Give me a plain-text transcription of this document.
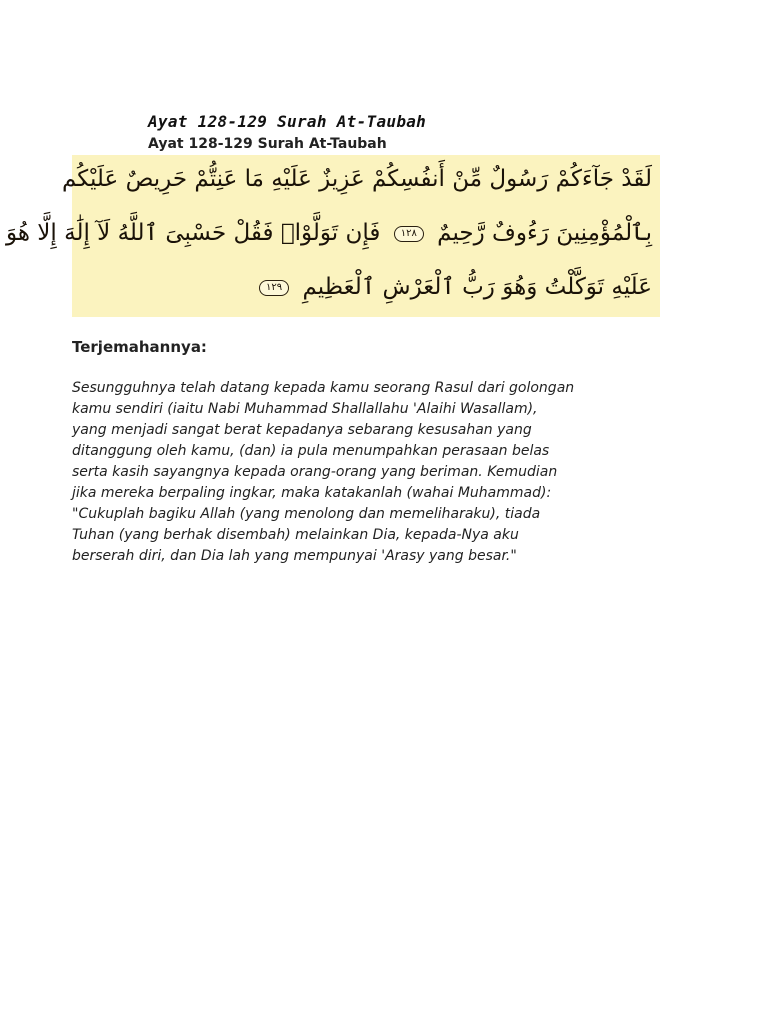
Ayat 128-129 Surah At-Taubah
Ayat 128-129 Surah At-Taubah
لَقَدْ جَآءَكُمْ رَسُولٌ مِّنْ أَنفُسِكُمْ عَزِيزٌ عَلَيْهِ مَا عَنِتُّمْ حَرِيصٌ عَلَيْكُم
بِٱلْمُؤْمِنِينَ رَءُوفٌ رَّحِيمٌ ١٢٨ فَإِن تَوَلَّوْا۟ فَقُلْ حَسْبِىَ ٱللَّهُ لَآ إِلَٰهَ إِلَّا هُوَ
عَلَيْهِ تَوَكَّلْتُ وَهُوَ رَبُّ ٱلْعَرْشِ ٱلْعَظِيمِ ١٢٩
Terjemahannya:

Sesungguhnya telah datang kepada kamu seorang Rasul dari golongan
kamu sendiri (iaitu Nabi Muhammad Shallallahu 'Alaihi Wasallam),
yang menjadi sangat berat kepadanya sebarang kesusahan yang
ditanggung oleh kamu, (dan) ia pula menumpahkan perasaan belas
serta kasih sayangnya kepada orang-orang yang beriman. Kemudian
jika mereka berpaling ingkar, maka katakanlah (wahai Muhammad):
"Cukuplah bagiku Allah (yang menolong dan memeliharaku), tiada
Tuhan (yang berhak disembah) melainkan Dia, kepada-Nya aku
berserah diri, dan Dia lah yang mempunyai 'Arasy yang besar."
